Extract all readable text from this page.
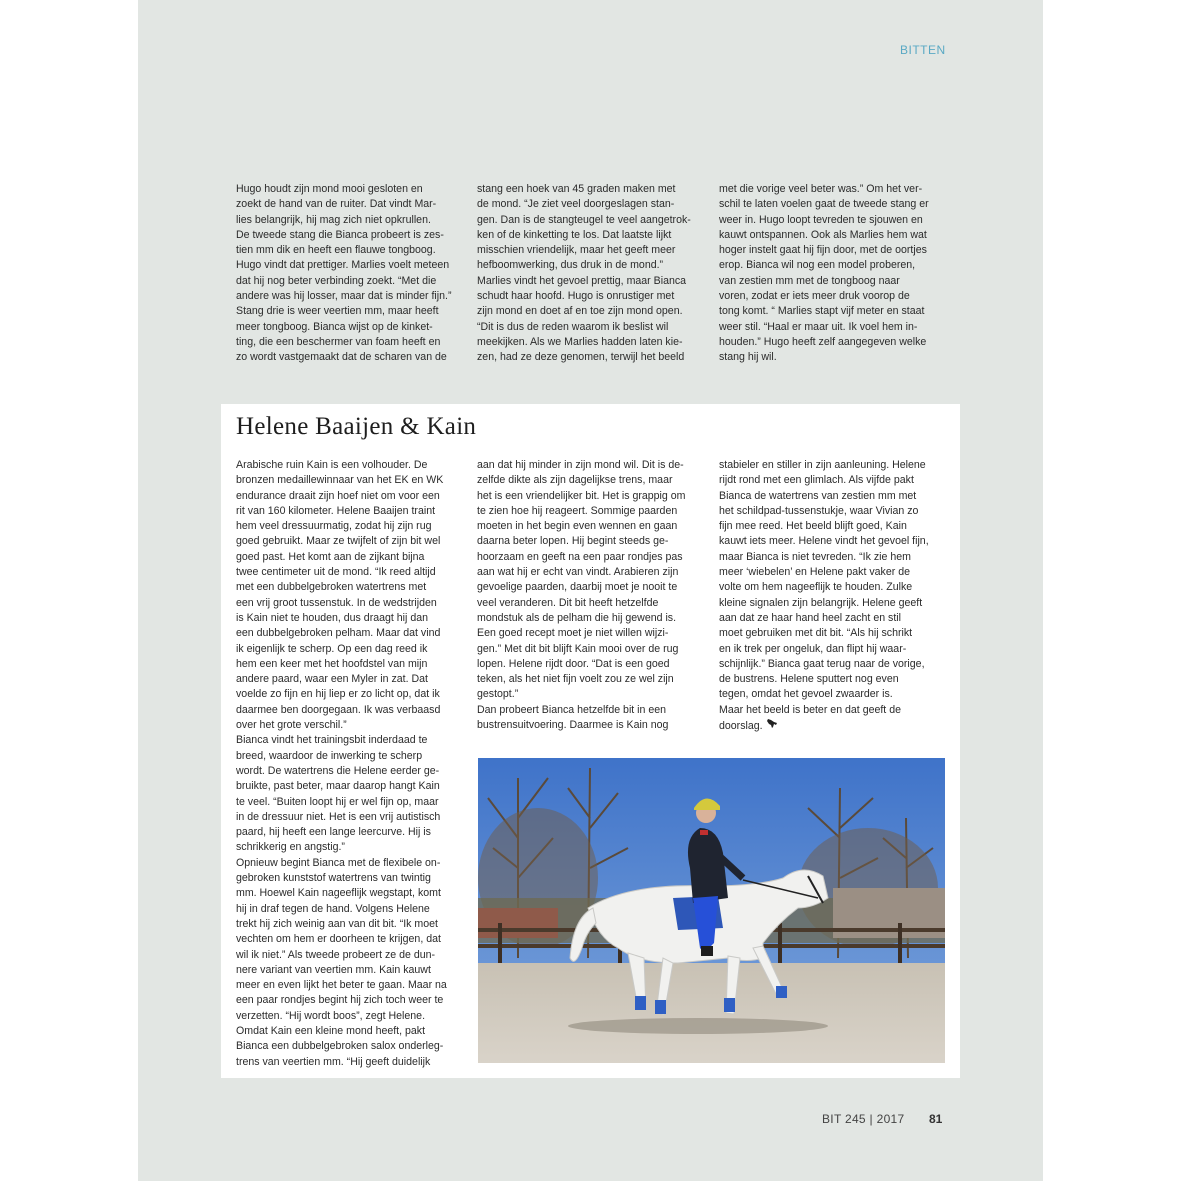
BITTEN
Hugo houdt zijn mond mooi gesloten en
zoekt de hand van de ruiter. Dat vindt Mar-
lies belangrijk, hij mag zich niet opkrullen.
De tweede stang die Bianca probeert is zes-
tien mm dik en heeft een flauwe tongboog.
Hugo vindt dat prettiger. Marlies voelt meteen
dat hij nog beter verbinding zoekt. “Met die
andere was hij losser, maar dat is minder fijn.”
Stang drie is weer veertien mm, maar heeft
meer tongboog. Bianca wijst op de kinket-
ting, die een beschermer van foam heeft en
zo wordt vastgemaakt dat de scharen van de
stang een hoek van 45 graden maken met
de mond. “Je ziet veel doorgeslagen stan-
gen. Dan is de stangteugel te veel aangetrok-
ken of de kinketting te los. Dat laatste lijkt
misschien vriendelijk, maar het geeft meer
hefboomwerking, dus druk in de mond.”
Marlies vindt het gevoel prettig, maar Bianca
schudt haar hoofd. Hugo is onrustiger met
zijn mond en doet af en toe zijn mond open.
“Dit is dus de reden waarom ik beslist wil
meekijken. Als we Marlies hadden laten kie-
zen, had ze deze genomen, terwijl het beeld
met die vorige veel beter was.” Om het ver-
schil te laten voelen gaat de tweede stang er
weer in. Hugo loopt tevreden te sjouwen en
kauwt ontspannen. Ook als Marlies hem wat
hoger instelt gaat hij fijn door, met de oortjes
erop. Bianca wil nog een model proberen,
van zestien mm met de tongboog naar
voren, zodat er iets meer druk voorop de
tong komt. “ Marlies stapt vijf meter en staat
weer stil. “Haal er maar uit. Ik voel hem in-
houden.” Hugo heeft zelf aangegeven welke
stang hij wil.
Helene Baaijen & Kain
Arabische ruin Kain is een volhouder. De
bronzen medaillewinnaar van het EK en WK
endurance draait zijn hoef niet om voor een
rit van 160 kilometer. Helene Baaijen traint
hem veel dressuurmatig, zodat hij zijn rug
goed gebruikt. Maar ze twijfelt of zijn bit wel
goed past. Het komt aan de zijkant bijna
twee centimeter uit de mond. “Ik reed altijd
met een dubbelgebroken watertrens met
een vrij groot tussenstuk. In de wedstrijden
is Kain niet te houden, dus draagt hij dan
een dubbelgebroken pelham. Maar dat vind
ik eigenlijk te scherp. Op een dag reed ik
hem een keer met het hoofdstel van mijn
andere paard, waar een Myler in zat. Dat
voelde zo fijn en hij liep er zo licht op, dat ik
daarmee ben doorgegaan. Ik was verbaasd
over het grote verschil.”
Bianca vindt het trainingsbit inderdaad te
breed, waardoor de inwerking te scherp
wordt. De watertrens die Helene eerder ge-
bruikte, past beter, maar daarop hangt Kain
te veel. “Buiten loopt hij er wel fijn op, maar
in de dressuur niet. Het is een vrij autistisch
paard, hij heeft een lange leercurve. Hij is
schrikkerig en angstig.”
Opnieuw begint Bianca met de flexibele on-
gebroken kunststof watertrens van twintig
mm. Hoewel Kain nageeflijk wegstapt, komt
hij in draf tegen de hand. Volgens Helene
trekt hij zich weinig aan van dit bit. “Ik moet
vechten om hem er doorheen te krijgen, dat
wil ik niet.” Als tweede probeert ze de dun-
nere variant van veertien mm. Kain kauwt
meer en even lijkt het beter te gaan. Maar na
een paar rondjes begint hij zich toch weer te
verzetten. “Hij wordt boos”, zegt Helene.
Omdat Kain een kleine mond heeft, pakt
Bianca een dubbelgebroken salox onderleg-
trens van veertien mm. “Hij geeft duidelijk
aan dat hij minder in zijn mond wil. Dit is de-
zelfde dikte als zijn dagelijkse trens, maar
het is een vriendelijker bit. Het is grappig om
te zien hoe hij reageert. Sommige paarden
moeten in het begin even wennen en gaan
daarna beter lopen. Hij begint steeds ge-
hoorzaam en geeft na een paar rondjes pas
aan wat hij er echt van vindt. Arabieren zijn
gevoelige paarden, daarbij moet je nooit te
veel veranderen. Dit bit heeft hetzelfde
mondstuk als de pelham die hij gewend is.
Een goed recept moet je niet willen wijzi-
gen.” Met dit bit blijft Kain mooi over de rug
lopen. Helene rijdt door. “Dat is een goed
teken, als het niet fijn voelt zou ze wel zijn
gestopt.”
Dan probeert Bianca hetzelfde bit in een
bustrensuitvoering. Daarmee is Kain nog
stabieler en stiller in zijn aanleuning. Helene
rijdt rond met een glimlach. Als vijfde pakt
Bianca de watertrens van zestien mm met
het schildpad-tussenstukje, waar Vivian zo
fijn mee reed. Het beeld blijft goed, Kain
kauwt iets meer. Helene vindt het gevoel fijn,
maar Bianca is niet tevreden. “Ik zie hem
meer ‘wiebelen’ en Helene pakt vaker de
volte om hem nageeflijk te houden. Zulke
kleine signalen zijn belangrijk. Helene geeft
aan dat ze haar hand heel zacht en stil
moet gebruiken met dit bit. “Als hij schrikt
en ik trek per ongeluk, dan flipt hij waar-
schijnlijk.” Bianca gaat terug naar de vorige,
de bustrens. Helene sputtert nog even
tegen, omdat het gevoel zwaarder is.
Maar het beeld is beter en dat geeft de
doorslag.
BIT 245 | 2017 81
